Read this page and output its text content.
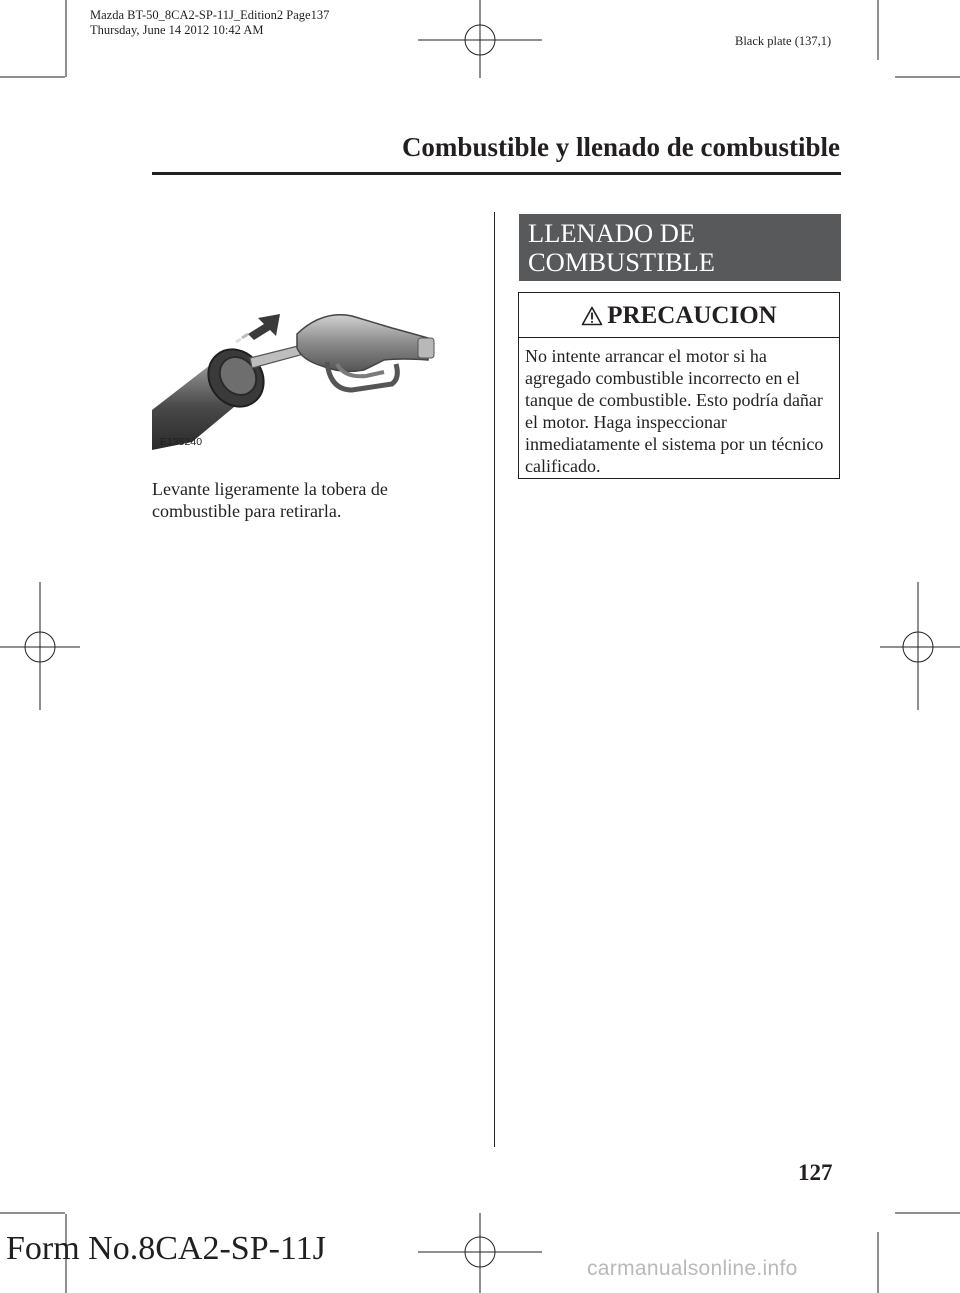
Mazda BT-50_8CA2-SP-11J_Edition2 Page137
Thursday, June 14 2012 10:42 AM
Black plate (137,1)
Combustible y llenado de combustible
E135240
Levante ligeramente la tobera de combustible para retirarla.
LLENADO DE
COMBUSTIBLE
PRECAUCION
No intente arrancar el motor si ha agregado combustible incorrecto en el tanque de combustible. Esto podría dañar el motor. Haga inspeccionar inmediatamente el sistema por un técnico calificado.
127
Form No.8CA2-SP-11J
carmanualsonline.info
